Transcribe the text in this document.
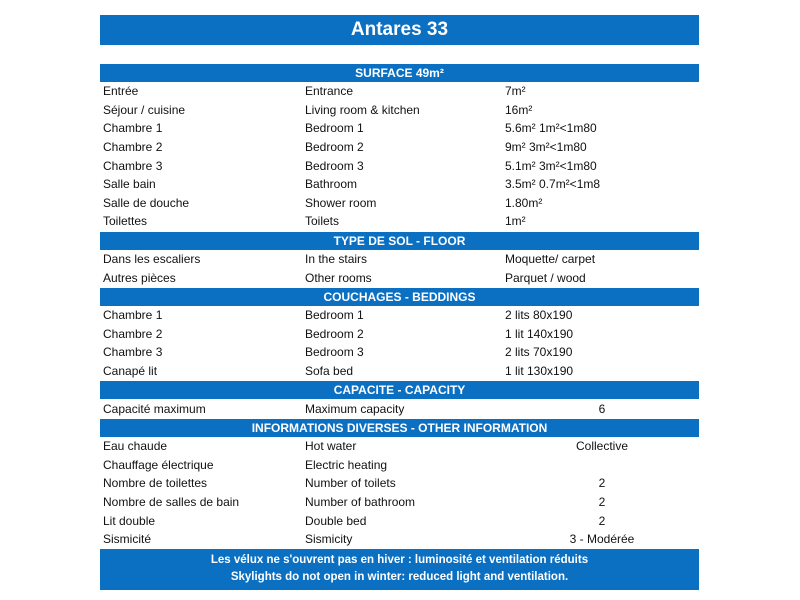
Antares 33
SURFACE 49m²
Entrée	Entrance	7m²
Séjour / cuisine	Living room & kitchen	16m²
Chambre 1	Bedroom 1	5.6m² 1m²<1m80
Chambre 2	Bedroom 2	9m² 3m²<1m80
Chambre 3	Bedroom 3	5.1m² 3m²<1m80
Salle bain	Bathroom	3.5m² 0.7m²<1m8
Salle de douche	Shower room	1.80m²
Toilettes	Toilets	1m²
TYPE DE SOL - FLOOR
Dans les escaliers	In the stairs	Moquette/ carpet
Autres pièces	Other rooms	Parquet / wood
COUCHAGES - BEDDINGS
Chambre 1	Bedroom 1	2 lits 80x190
Chambre 2	Bedroom 2	1 lit 140x190
Chambre 3	Bedroom 3	2 lits 70x190
Canapé lit	Sofa bed	1 lit 130x190
CAPACITE - CAPACITY
Capacité maximum	Maximum capacity	6
INFORMATIONS DIVERSES - OTHER INFORMATION
Eau chaude	Hot water	Collective
Chauffage électrique	Electric heating
Nombre de toilettes	Number of toilets	2
Nombre de salles de bain	Number of bathroom	2
Lit double	Double bed	2
Sismicité	Sismicity	3 - Modérée
Les vélux ne s'ouvrent pas en hiver : luminosité et ventilation réduits
Skylights do not open in winter: reduced light and ventilation.
